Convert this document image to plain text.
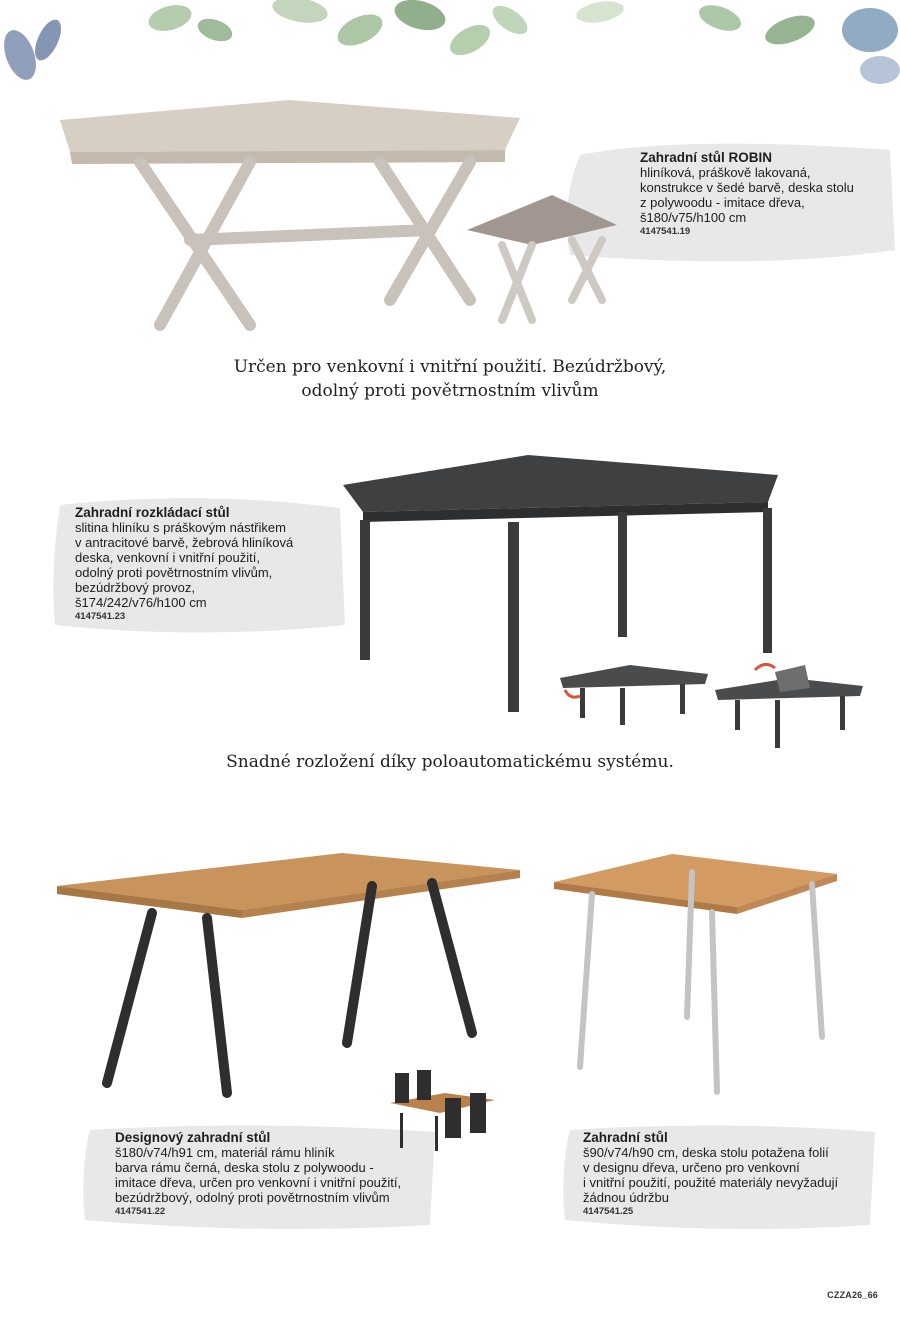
Zahradní stůl ROBIN
hliníková, práškově lakovaná,
konstrukce v šedé barvě, deska stolu
z polywoodu - imitace dřeva,
š180/v75/h100 cm
4147541.19
Určen pro venkovní i vnitřní použití. Bezúdržbový,
odolný proti povětrnostním vlivům
Zahradní rozkládací stůl
slitina hliníku s práškovým nástřikem
v antracitové barvě, žebrová hliníková
deska, venkovní i vnitřní použití,
odolný proti povětrnostním vlivům,
bezúdržbový provoz,
š174/242/v76/h100 cm
4147541.23
Snadné rozložení díky poloautomatickému systému.
Designový zahradní stůl
š180/v74/h91 cm, materiál rámu hliník
barva rámu černá, deska stolu z polywoodu -
imitace dřeva, určen pro venkovní i vnitřní použití,
bezúdržbový, odolný proti povětrnostním vlivům
4147541.22
Zahradní stůl
š90/v74/h90 cm, deska stolu potažena folií
v designu dřeva, určeno pro venkovní
i vnitřní použití, použité materiály nevyžadují
žádnou údržbu
4147541.25
CZZA26_66
